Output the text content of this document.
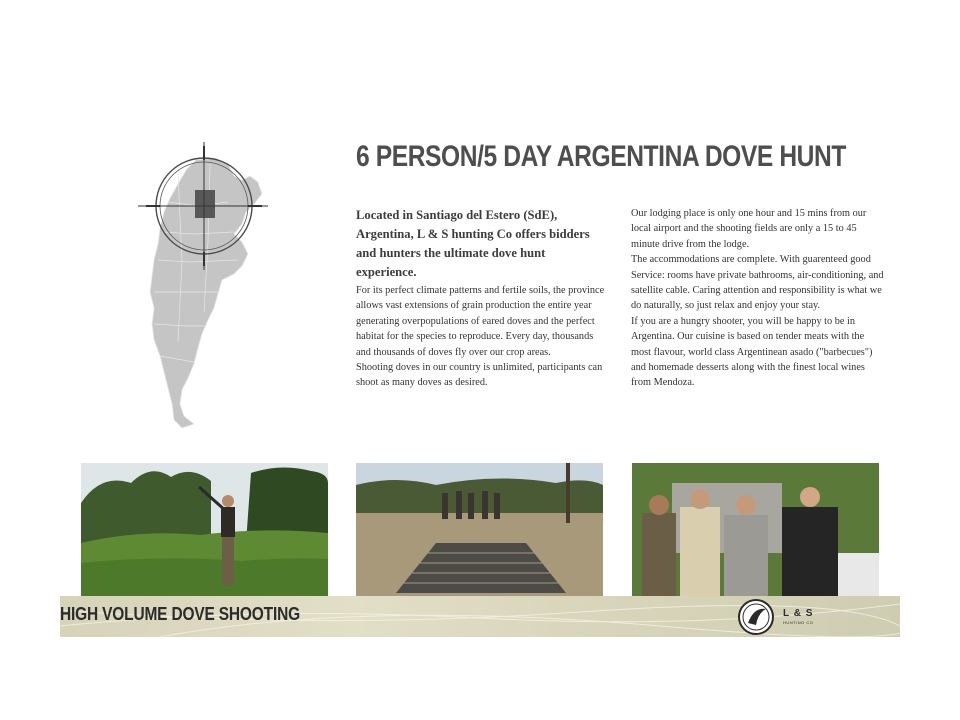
6 PERSON/5 DAY ARGENTINA DOVE HUNT

Located in Santiago del Estero (SdE), Argentina, L & S hunting Co offers bidders and hunters the ultimate dove hunt experience.

For its perfect climate patterns and fertile soils, the province allows vast extensions of grain production the entire year generating overpopulations of eared doves and the perfect habitat for the species to reproduce. Every day, thousands and thousands of doves fly over our crop areas.

Shooting doves in our country is unlimited, participants can shoot as many doves as desired.

Our lodging place is only one hour and 15 mins from our local airport and the shooting fields are only a 15 to 45 minute drive from the lodge.

The accommodations are complete. With guarenteed good Service: rooms have private bathrooms, air-conditioning, and satellite cable. Caring attention and responsibility is what we do naturally, so just relax and enjoy your stay.

If you are a hungry shooter, you will be happy to be in Argentina. Our cuisine is based on tender meats with the most flavour, world class Argentinean asado ("barbecues") and homemade desserts along with the finest local wines from Mendoza.

HIGH VOLUME DOVE SHOOTING	L & S
HUNTING CO
